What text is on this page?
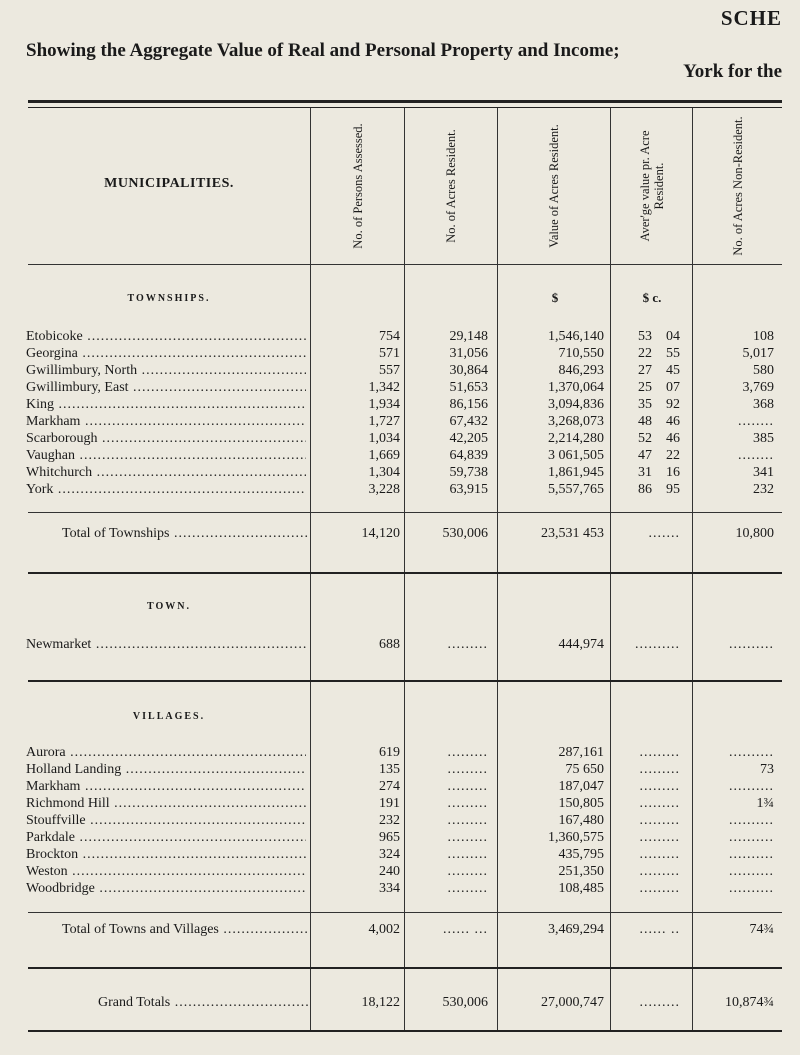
SCHE
Showing the Aggregate Value of Real and Personal Property and Income;
York for the
MUNICIPALITIES.	No. of Persons Assessed.	No. of Acres Resident.	Value of Acres Resident.	Aver'ge value pr. Acre Resident.	No. of Acres Non-Resident.
TOWNSHIPS.	$	$ c.
Etobicoke .....	754	29,148	1,546,140	53 04	108
Georgina .....	571	31,056	710,550	22 55	5,017
Gwillimbury, North .....	557	30,864	846,293	27 45	580
Gwillimbury, East .....	1,342	51,653	1,370,064	25 07	3,769
King .....	1,934	86,156	3,094,836	35 92	368
Markham .....	1,727	67,432	3,268,073	48 46	........
Scarborough .....	1,034	42,205	2,214,280	52 46	385
Vaughan .....	1,669	64,839	3 061,505	47 22	........
Whitchurch .....	1,304	59,738	1,861,945	31 16	341
York .....	3,228	63,915	5,557,765	86 95	232
Total of Townships .....	14,120	530,006	23,531 453	.......	10,800
TOWN.
Newmarket .....	688	.........	444,974	..........	..........
VILLAGES.
Aurora .....	619	.........	287,161	.........	..........
Holland Landing .....	135	.........	75 650	.........	73
Markham .....	274	.........	187,047	.........	..........
Richmond Hill .....	191	.........	150,805	.........	1¾
Stouffville .....	232	.........	167,480	.........	..........
Parkdale .....	965	.........	1,360,575	.........	..........
Brockton .....	324	.........	435,795	.........	..........
Weston .....	240	.........	251,350	.........	..........
Woodbridge .....	334	.........	108,485	.........	..........
Total of Towns and Villages .....	4,002	...... ...	3,469,294	...... ..	74¾
Grand Totals .....	18,122	530,006	27,000,747	.........	10,874¾
